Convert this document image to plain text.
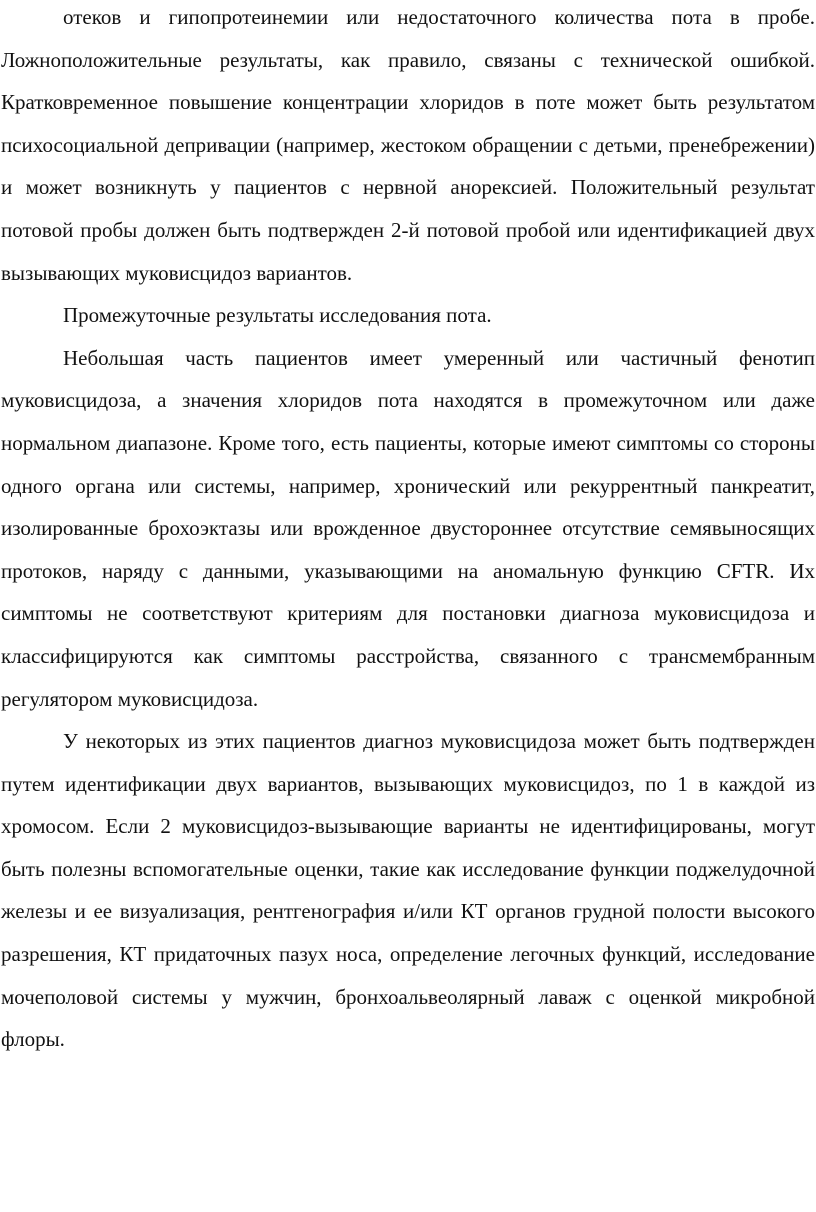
отеков и гипопротеинемии или недостаточного количества пота в пробе. Ложноположительные результаты, как правило, связаны с технической ошибкой. Кратковременное повышение концентрации хлоридов в поте может быть результатом психосоциальной депривации (например, жестоком обращении с детьми, пренебрежении) и может возникнуть у пациентов с нервной анорексией. Положительный результат потовой пробы должен быть подтвержден 2-й потовой пробой или идентификацией двух вызывающих муковисцидоз вариантов.

Промежуточные результаты исследования пота.

Небольшая часть пациентов имеет умеренный или частичный фенотип муковисцидоза, а значения хлоридов пота находятся в промежуточном или даже нормальном диапазоне. Кроме того, есть пациенты, которые имеют симптомы со стороны одного органа или системы, например, хронический или рекуррентный панкреатит, изолированные брохоэктазы или врожденное двустороннее отсутствие семявыносящих протоков, наряду с данными, указывающими на аномальную функцию CFTR. Их симптомы не соответствуют критериям для постановки диагноза муковисцидоза и классифицируются как симптомы расстройства, связанного с трансмембранным регулятором муковисцидоза.

У некоторых из этих пациентов диагноз муковисцидоза может быть подтвержден путем идентификации двух вариантов, вызывающих муковисцидоз, по 1 в каждой из хромосом. Если 2 муковисцидоз-вызывающие варианты не идентифицированы, могут быть полезны вспомогательные оценки, такие как исследование функции поджелудочной железы и ее визуализация, рентгенография и/или КТ органов грудной полости высокого разрешения, КТ придаточных пазух носа, определение легочных функций, исследование мочеполовой системы у мужчин, бронхоальвеолярный лаваж с оценкой микробной флоры.
